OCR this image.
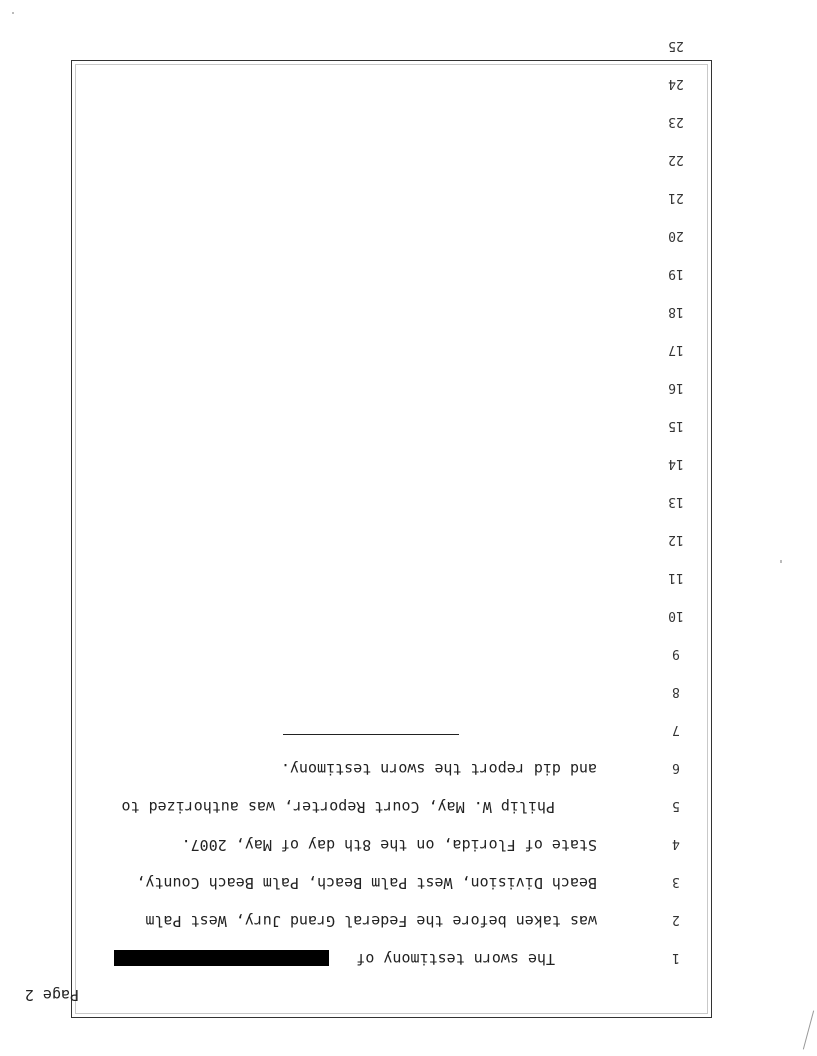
Page 2
1
2
3
4
5
6
7
8
9
10
11
12
13
14
15
16
17
18
19
20
21
22
23
24
25
The sworn testimony of
was taken before the Federal Grand Jury, West Palm
Beach Division, West Palm Beach, Palm Beach County,
State of Florida, on the 8th day of May, 2007.
Philip W. May, Court Reporter, was authorized to
and did report the sworn testimony.
